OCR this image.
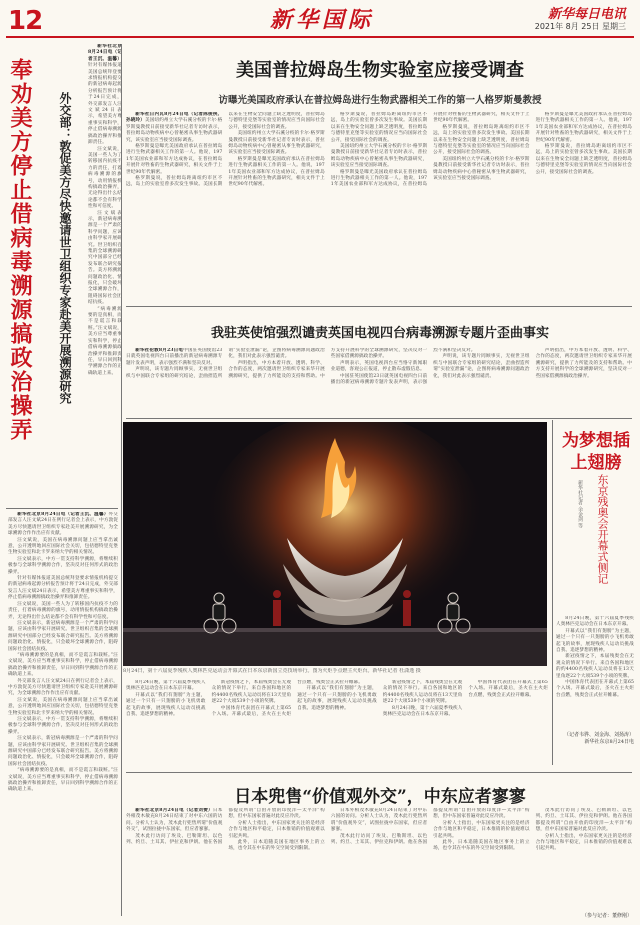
12	新华国际	新华每日电讯
2021年 8月 25日 星期三
奉劝美方停止借病毒溯源搞政治操弄

新华社北京8月24日电（记者王沉、温馨）针对有媒体报道美国总统拜登要求情报机构提交的新冠病毒起源分析报告预计将于24日完成，外交部发言人汪文斌24日表示，希望美方尊重事实和科学，停止借病毒溯源搞政治操弄和推卸责任。

汪文斌说，美国一些人为了转移国内抗疫不力的责任，打着病毒溯源的旗号，动用情报机构搞政治操弄，无论得出什么结论都不会有科学性和可信度。

汪文斌表示，新冠病毒溯源是一个严肃的科学问题，应该由科学家开展研究。世卫组织召集的全球溯源研究中国部分已经发布联合研究报告。美方将溯源问题政治化、情报化，只会破坏全球溯源合作，阻碍国际社会团结抗疫。

“病毒溯源要的是真相，而不是谎言和栽赃。”汪文斌说，美方应当尊重事实和科学，停止借病毒溯源搞政治操弄和推卸责任，早日回到科学溯源合作的正确轨道上来。

外交部：敦促美方尽快邀请世卫组织专家赴美开展溯源研究

新华社北京8月24日电（记者王沉、温馨）外交部发言人汪文斌24日在例行记者会上表示，中方敦促美方尽快邀请世卫组织专家赴美开展溯源研究，为全球溯源合作作出应有贡献。

汪文斌说，美国在病毒溯源问题上应当拿出诚意，公开透明地回应国际社会关切，包括德特里克堡生物实验室和北卡罗来纳大学的相关情况。

汪文斌表示，中方一贯支持科学溯源，将继续积极参与全球科学溯源合作，坚决反对任何形式的政治操弄。

针对有媒体报道美国总统拜登要求情报机构提交的新冠病毒起源分析报告预计将于24日完成，外交部发言人汪文斌24日表示，希望美方尊重事实和科学，停止借病毒溯源搞政治操弄和推卸责任。

汪文斌说，美国一些人为了转移国内抗疫不力的责任，打着病毒溯源的旗号，动用情报机构搞政治操弄，无论得出什么结论都不会有科学性和可信度。

汪文斌表示，新冠病毒溯源是一个严肃的科学问题，应该由科学家开展研究。世卫组织召集的全球溯源研究中国部分已经发布联合研究报告。美方将溯源问题政治化、情报化，只会破坏全球溯源合作，阻碍国际社会团结抗疫。

“病毒溯源要的是真相，而不是谎言和栽赃。”汪文斌说，美方应当尊重事实和科学，停止借病毒溯源搞政治操弄和推卸责任，早日回到科学溯源合作的正确轨道上来。

外交部发言人汪文斌24日在例行记者会上表示，中方敦促美方尽快邀请世卫组织专家赴美开展溯源研究，为全球溯源合作作出应有贡献。

汪文斌说，美国在病毒溯源问题上应当拿出诚意，公开透明地回应国际社会关切，包括德特里克堡生物实验室和北卡罗来纳大学的相关情况。

汪文斌表示，中方一贯支持科学溯源，将继续积极参与全球科学溯源合作，坚决反对任何形式的政治操弄。

汪文斌表示，新冠病毒溯源是一个严肃的科学问题，应该由科学家开展研究。世卫组织召集的全球溯源研究中国部分已经发布联合研究报告。美方将溯源问题政治化、情报化，只会破坏全球溯源合作，阻碍国际社会团结抗疫。

“病毒溯源要的是真相，而不是谎言和栽赃。”汪文斌说，美方应当尊重事实和科学，停止借病毒溯源搞政治操弄和推卸责任，早日回到科学溯源合作的正确轨道上来。

美国普拉姆岛生物实验室应接受调查
访曝光美国政府承认在普拉姆岛进行生物武器相关工作的第一人格罗斯曼教授

新华社日内瓦8月24日电（记者陈俊侠、孙晓玲）美国纽约州立大学石溪分校的卡尔·格罗斯曼教授日前接受新华社记者专访时表示，普拉姆岛动物疾病中心曾秘密从事生物武器研究，该实验室应当接受国际调查。

格罗斯曼是曝光美国政府承认在普拉姆岛进行生物武器相关工作的第一人。他说，1971年美国农业部和军方达成协议，在普拉姆岛开展针对牲畜的生物武器研究，相关文件于上世纪90年代解密。

格罗斯曼说，普拉姆岛距离纽约市区不远，岛上的实验室曾多次发生事故。美国长期以来在生物安全问题上缺乏透明度，普拉姆岛与德特里克堡等实验室的情况应当向国际社会公开，接受国际社会的调查。

美国纽约州立大学石溪分校的卡尔·格罗斯曼教授日前接受新华社记者专访时表示，普拉姆岛动物疾病中心曾秘密从事生物武器研究，该实验室应当接受国际调查。

格罗斯曼是曝光美国政府承认在普拉姆岛进行生物武器相关工作的第一人。他说，1971年美国农业部和军方达成协议，在普拉姆岛开展针对牲畜的生物武器研究，相关文件于上世纪90年代解密。

格罗斯曼说，普拉姆岛距离纽约市区不远，岛上的实验室曾多次发生事故。美国长期以来在生物安全问题上缺乏透明度，普拉姆岛与德特里克堡等实验室的情况应当向国际社会公开，接受国际社会的调查。

美国纽约州立大学石溪分校的卡尔·格罗斯曼教授日前接受新华社记者专访时表示，普拉姆岛动物疾病中心曾秘密从事生物武器研究，该实验室应当接受国际调查。

格罗斯曼是曝光美国政府承认在普拉姆岛进行生物武器相关工作的第一人。他说，1971年美国农业部和军方达成协议，在普拉姆岛开展针对牲畜的生物武器研究，相关文件于上世纪90年代解密。

格罗斯曼说，普拉姆岛距离纽约市区不远，岛上的实验室曾多次发生事故。美国长期以来在生物安全问题上缺乏透明度，普拉姆岛与德特里克堡等实验室的情况应当向国际社会公开，接受国际社会的调查。

美国纽约州立大学石溪分校的卡尔·格罗斯曼教授日前接受新华社记者专访时表示，普拉姆岛动物疾病中心曾秘密从事生物武器研究，该实验室应当接受国际调查。

格罗斯曼是曝光美国政府承认在普拉姆岛进行生物武器相关工作的第一人。他说，1971年美国农业部和军方达成协议，在普拉姆岛开展针对牲畜的生物武器研究，相关文件于上世纪90年代解密。

格罗斯曼说，普拉姆岛距离纽约市区不远，岛上的实验室曾多次发生事故。美国长期以来在生物安全问题上缺乏透明度，普拉姆岛与德特里克堡等实验室的情况应当向国际社会公开，接受国际社会的调查。

我驻英使馆强烈谴责英国电视四台病毒溯源专题片歪曲事实

新华社伦敦8月23日电中国驻英国使馆23日就英国电视四台日前播出的新冠病毒溯源专题片发表声明，表示强烈不满和坚决反对。

声明说，该专题片罔顾事实，无视世卫组织与中国联合专家组的研究结论，歪曲捏造所谓“实验室泄漏”论，企图将病毒溯源问题政治化，我们对此表示强烈谴责。

声明指出，中方本着开放、透明、科学、合作的态度，两次邀请世卫组织专家来华开展溯源研究，提供了力所能及的支持和帮助。中方支持开展科学的全球溯源研究，坚决反对一些国家借溯源搞政治操弄。

声明表示，英国电视四台应当恪守新闻职业道德，客观公正报道，停止散布虚假信息。

中国驻英国使馆23日就英国电视四台日前播出的新冠病毒溯源专题片发表声明，表示强烈不满和坚决反对。

声明说，该专题片罔顾事实，无视世卫组织与中国联合专家组的研究结论，歪曲捏造所谓“实验室泄漏”论，企图将病毒溯源问题政治化，我们对此表示强烈谴责。

声明指出，中方本着开放、透明、科学、合作的态度，两次邀请世卫组织专家来华开展溯源研究，提供了力所能及的支持和帮助。中方支持开展科学的全球溯源研究，坚决反对一些国家借溯源搞政治操弄。

8月24日，第十六届夏季残疾人奥林匹克运动会开幕式在日本东京新国立竞技场举行。图为火炬手点燃主火炬台。新华社记者 杜潇逸 摄
为梦想插上翅膀
东京残奥会开幕式侧记
新华社记者 余金剑 等

8月24日晚，第十六届夏季残疾人奥林匹克运动会在日本东京开幕。

开幕式以“我们有翅膀”为主题，通过一个只有一只翅膀的小飞机勇敢起飞的故事，展现残疾人运动员挑战自我、追逐梦想的精神。

新冠疫情之下，本届残奥会在无观众的情况下举行。来自各国和地区的约4400名残疾人运动员将在13天里角逐22个大项539个小项的奖牌。

中国体育代表团在开幕式上第65个入场。开幕式最后，圣火在主火炬台点燃，残奥会正式拉开帷幕。

（记者韦骅、刘金海、刘扬涛）
新华社东京8月24日电

8月24日晚，第十六届夏季残疾人奥林匹克运动会在日本东京开幕。

开幕式以“我们有翅膀”为主题，通过一个只有一只翅膀的小飞机勇敢起飞的故事，展现残疾人运动员挑战自我、追逐梦想的精神。

新冠疫情之下，本届残奥会在无观众的情况下举行。来自各国和地区的约4400名残疾人运动员将在13天里角逐22个大项539个小项的奖牌。

中国体育代表团在开幕式上第65个入场。开幕式最后，圣火在主火炬台点燃，残奥会正式拉开帷幕。

开幕式以“我们有翅膀”为主题，通过一个只有一只翅膀的小飞机勇敢起飞的故事，展现残疾人运动员挑战自我、追逐梦想的精神。

新冠疫情之下，本届残奥会在无观众的情况下举行。来自各国和地区的约4400名残疾人运动员将在13天里角逐22个大项539个小项的奖牌。

8月24日晚，第十六届夏季残疾人奥林匹克运动会在日本东京开幕。

中国体育代表团在开幕式上第65个入场。开幕式最后，圣火在主火炬台点燃，残奥会正式拉开帷幕。

日本兜售“价值观外交”，中东应者寥寥

新华社北京8月24日电（记者刘赞）日本外相茂木敏充8月24日结束了对中东六国的访问。分析人士认为，茂木此行兜售所谓“价值观外交”，试图拉拢中东国家，但应者寥寥。

茂木此行访问了埃及、巴勒斯坦、以色列、约旦、土耳其、伊拉克和伊朗。他在各国都提及所谓“自由开放的印度洋—太平洋”构想，但中东国家普遍对此反应冷淡。

分析人士指出，中东国家更关注的是经济合作与地区和平稳定，日本推销的价值观难以引起共鸣。

此外，日本追随美国在地区事务上的立场，也令其在中东的外交空间受到限制。

日本外相茂木敏充8月24日结束了对中东六国的访问。分析人士认为，茂木此行兜售所谓“价值观外交”，试图拉拢中东国家，但应者寥寥。

茂木此行访问了埃及、巴勒斯坦、以色列、约旦、土耳其、伊拉克和伊朗。他在各国都提及所谓“自由开放的印度洋—太平洋”构想，但中东国家普遍对此反应冷淡。

分析人士指出，中东国家更关注的是经济合作与地区和平稳定，日本推销的价值观难以引起共鸣。

此外，日本追随美国在地区事务上的立场，也令其在中东的外交空间受到限制。

茂木此行访问了埃及、巴勒斯坦、以色列、约旦、土耳其、伊拉克和伊朗。他在各国都提及所谓“自由开放的印度洋—太平洋”构想，但中东国家普遍对此反应冷淡。

分析人士指出，中东国家更关注的是经济合作与地区和平稳定，日本推销的价值观难以引起共鸣。

（参与记者：董修刚）
